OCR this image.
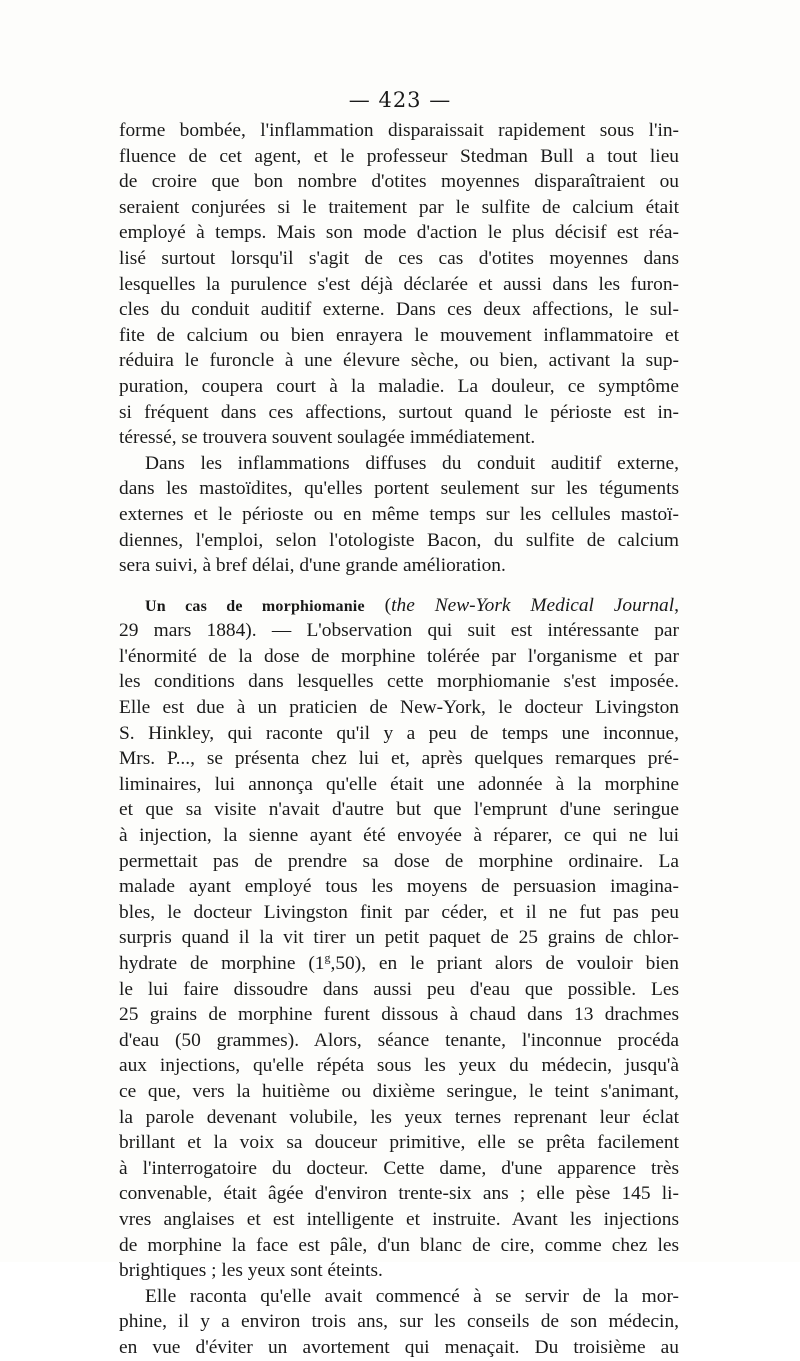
— 423 —
forme bombée, l'inflammation disparaissait rapidement sous l'in-
fluence de cet agent, et le professeur Stedman Bull a tout lieu
de croire que bon nombre d'otites moyennes disparaîtraient ou
seraient conjurées si le traitement par le sulfite de calcium était
employé à temps. Mais son mode d'action le plus décisif est réa-
lisé surtout lorsqu'il s'agit de ces cas d'otites moyennes dans
lesquelles la purulence s'est déjà déclarée et aussi dans les furon-
cles du conduit auditif externe. Dans ces deux affections, le sul-
fite de calcium ou bien enrayera le mouvement inflammatoire et
réduira le furoncle à une élevure sèche, ou bien, activant la sup-
puration, coupera court à la maladie. La douleur, ce symptôme
si fréquent dans ces affections, surtout quand le périoste est in-
téressé, se trouvera souvent soulagée immédiatement.
Dans les inflammations diffuses du conduit auditif externe,
dans les mastoïdites, qu'elles portent seulement sur les téguments
externes et le périoste ou en même temps sur les cellules mastoï-
diennes, l'emploi, selon l'otologiste Bacon, du sulfite de calcium
sera suivi, à bref délai, d'une grande amélioration.
Un cas de morphiomanie (the New-York Medical Journal,
29 mars 1884). — L'observation qui suit est intéressante par
l'énormité de la dose de morphine tolérée par l'organisme et par
les conditions dans lesquelles cette morphiomanie s'est imposée.
Elle est due à un praticien de New-York, le docteur Livingston
S. Hinkley, qui raconte qu'il y a peu de temps une inconnue,
Mrs. P..., se présenta chez lui et, après quelques remarques pré-
liminaires, lui annonça qu'elle était une adonnée à la morphine
et que sa visite n'avait d'autre but que l'emprunt d'une seringue
à injection, la sienne ayant été envoyée à réparer, ce qui ne lui
permettait pas de prendre sa dose de morphine ordinaire. La
malade ayant employé tous les moyens de persuasion imagina-
bles, le docteur Livingston finit par céder, et il ne fut pas peu
surpris quand il la vit tirer un petit paquet de 25 grains de chlor-
hydrate de morphine (1$^g$,50), en le priant alors de vouloir bien
le lui faire dissoudre dans aussi peu d'eau que possible. Les
25 grains de morphine furent dissous à chaud dans 13 drachmes
d'eau (50 grammes). Alors, séance tenante, l'inconnue procéda
aux injections, qu'elle répéta sous les yeux du médecin, jusqu'à
ce que, vers la huitième ou dixième seringue, le teint s'animant,
la parole devenant volubile, les yeux ternes reprenant leur éclat
brillant et la voix sa douceur primitive, elle se prêta facilement
à l'interrogatoire du docteur. Cette dame, d'une apparence très
convenable, était âgée d'environ trente-six ans ; elle pèse 145 li-
vres anglaises et est intelligente et instruite. Avant les injections
de morphine la face est pâle, d'un blanc de cire, comme chez les
brightiques ; les yeux sont éteints.
Elle raconta qu'elle avait commencé à se servir de la mor-
phine, il y a environ trois ans, sur les conseils de son médecin,
en vue d'éviter un avortement qui menaçait. Du troisième au
